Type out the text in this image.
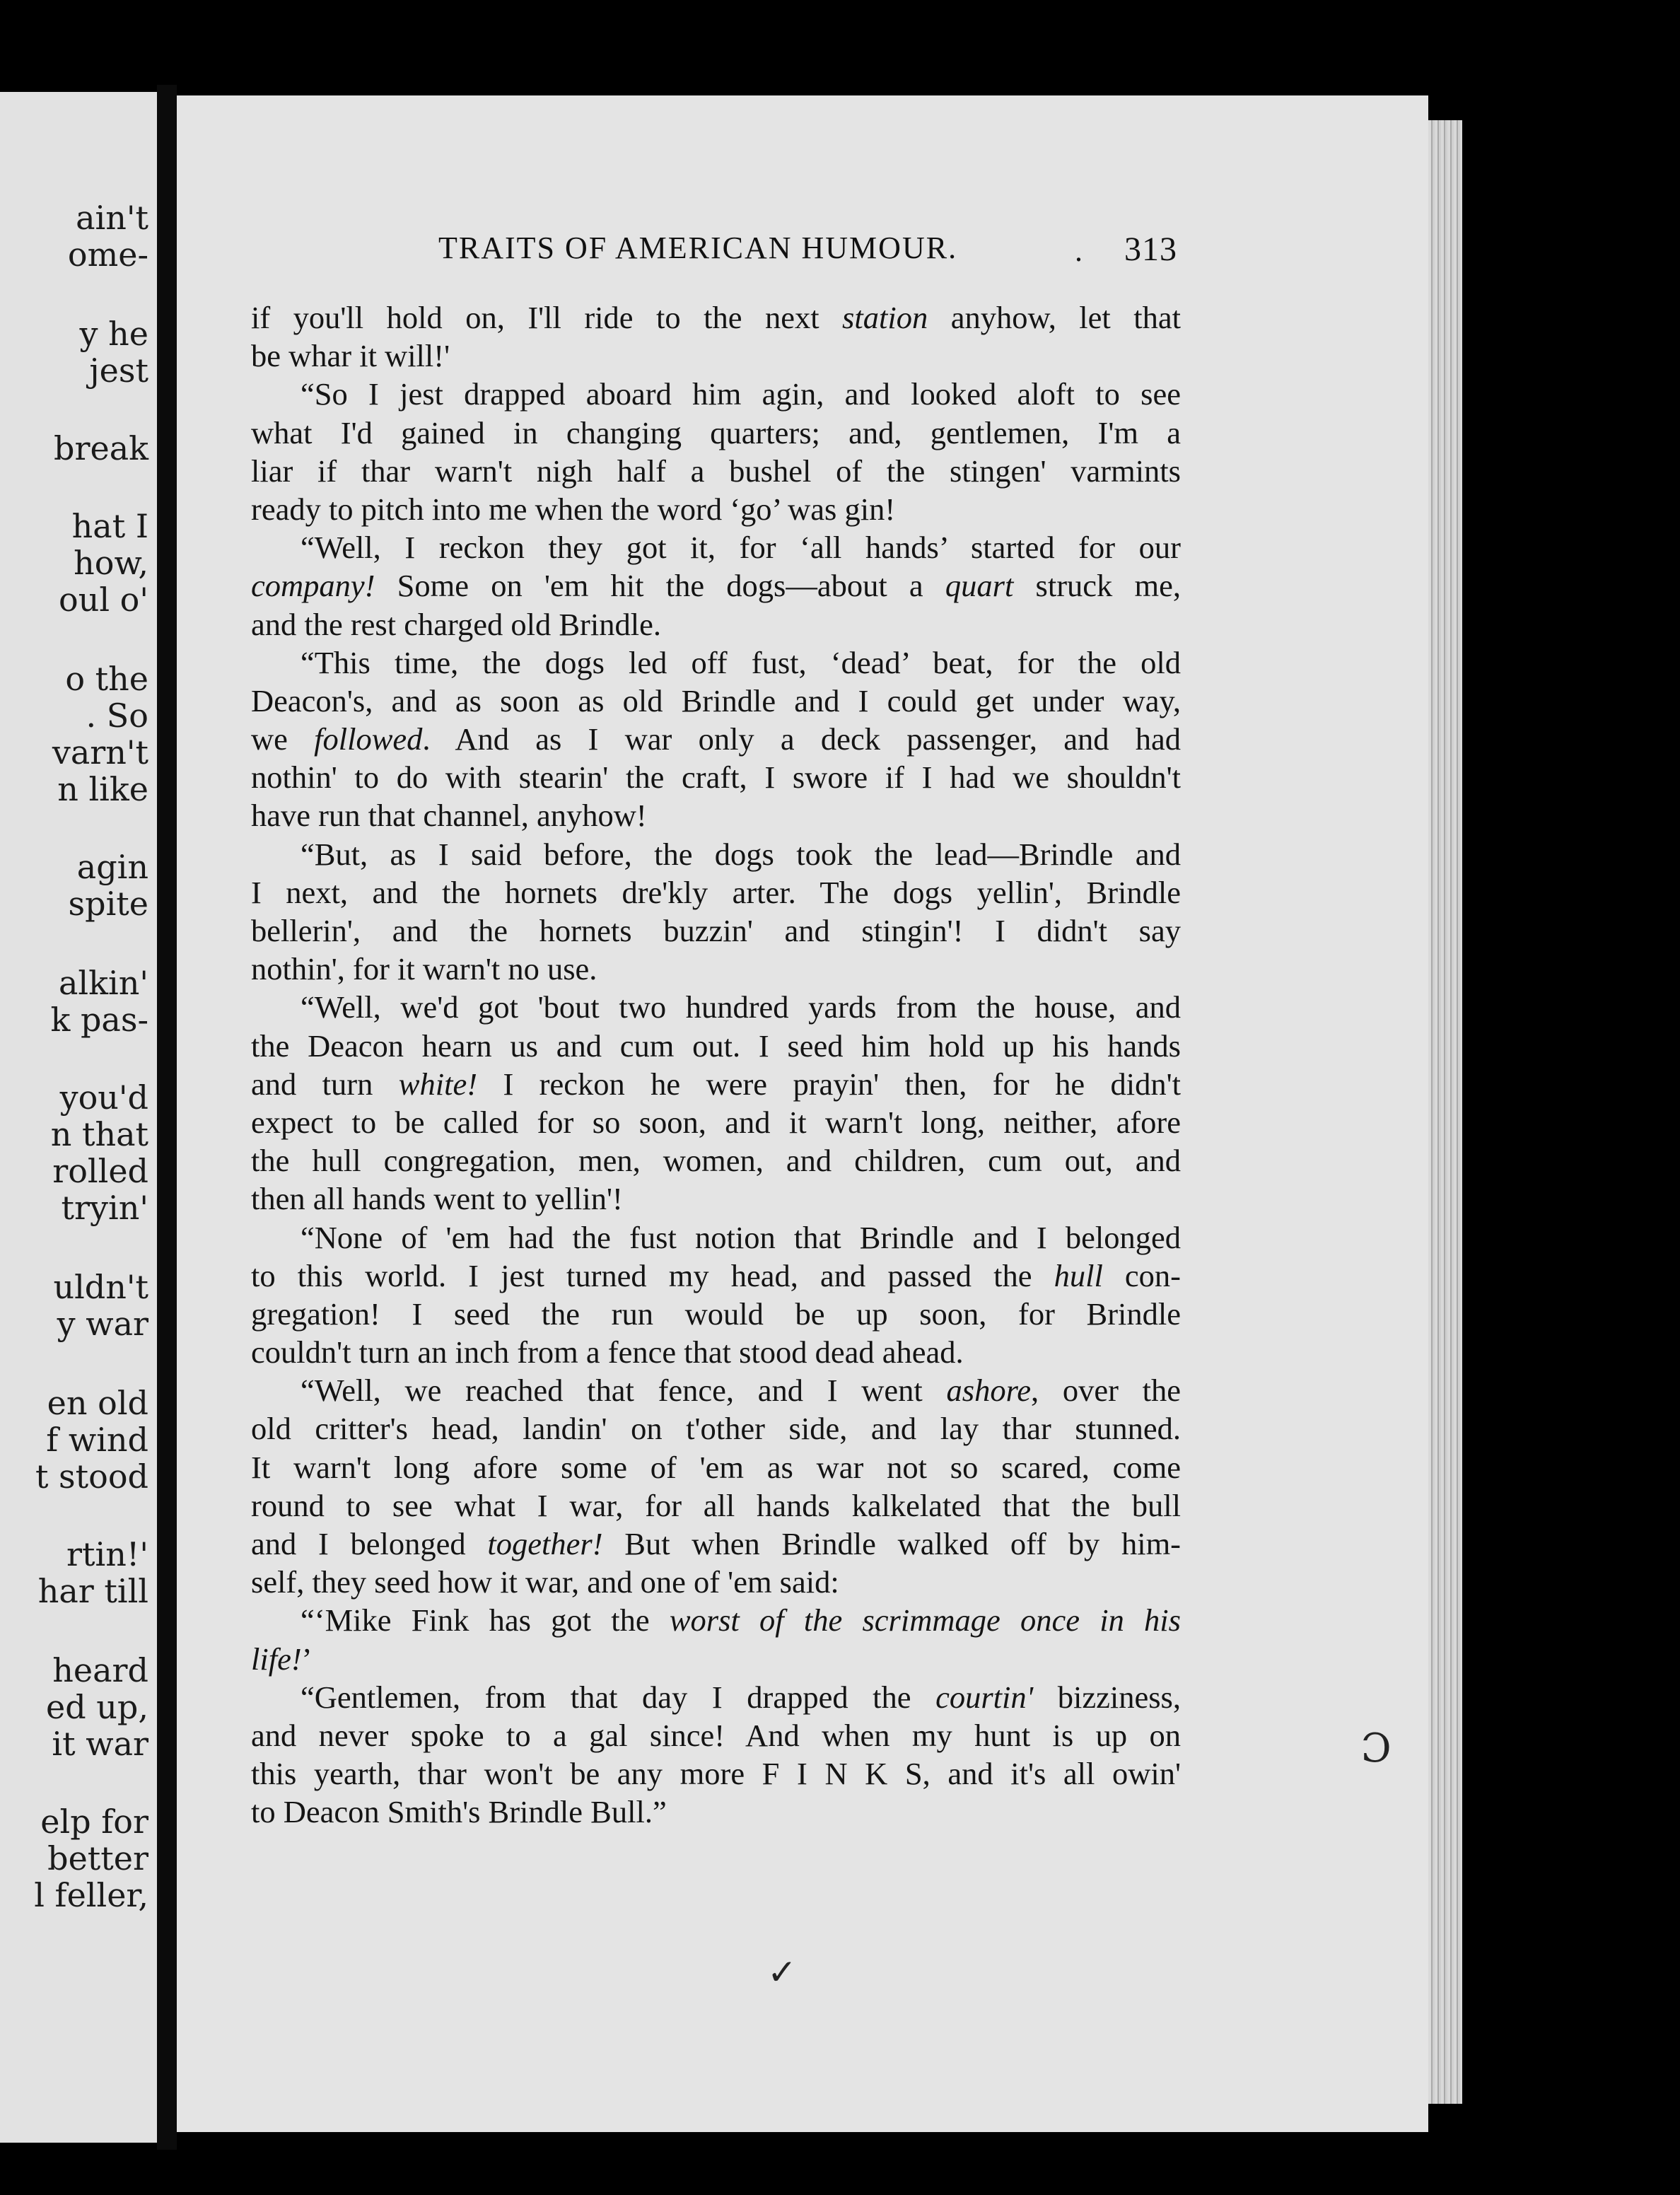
ain't
ome-
y he
jest
break
hat I
how,
oul o'
o the
. So
varn't
n like
agin
spite
alkin'
k pas-
you'd
n that
rolled
tryin'
uldn't
y war
en old
f wind
t stood
rtin!'
har till
heard
ed up,
it war
elp for
better
l feller,
TRAITS OF AMERICAN HUMOUR.	. 313
if you'll hold on, I'll ride to the next station anyhow, let that
be whar it will!'
“So I jest drapped aboard him agin, and looked aloft to see
what I'd gained in changing quarters; and, gentlemen, I'm a
liar if thar warn't nigh half a bushel of the stingen' varmints
ready to pitch into me when the word ‘go’ was gin!
“Well, I reckon they got it, for ‘all hands’ started for our
company! Some on 'em hit the dogs—about a quart struck me,
and the rest charged old Brindle.
“This time, the dogs led off fust, ‘dead’ beat, for the old
Deacon's, and as soon as old Brindle and I could get under way,
we followed. And as I war only a deck passenger, and had
nothin' to do with stearin' the craft, I swore if I had we shouldn't
have run that channel, anyhow!
“But, as I said before, the dogs took the lead—Brindle and
I next, and the hornets dre'kly arter. The dogs yellin', Brindle
bellerin', and the hornets buzzin' and stingin'! I didn't say
nothin', for it warn't no use.
“Well, we'd got 'bout two hundred yards from the house, and
the Deacon hearn us and cum out. I seed him hold up his hands
and turn white! I reckon he were prayin' then, for he didn't
expect to be called for so soon, and it warn't long, neither, afore
the hull congregation, men, women, and children, cum out, and
then all hands went to yellin'!
“None of 'em had the fust notion that Brindle and I belonged
to this world. I jest turned my head, and passed the hull con-
gregation! I seed the run would be up soon, for Brindle
couldn't turn an inch from a fence that stood dead ahead.
“Well, we reached that fence, and I went ashore, over the
old critter's head, landin' on t'other side, and lay thar stunned.
It warn't long afore some of 'em as war not so scared, come
round to see what I war, for all hands kalkelated that the bull
and I belonged together! But when Brindle walked off by him-
self, they seed how it war, and one of 'em said:
“‘Mike Fink has got the worst of the scrimmage once in his
life!’
“Gentlemen, from that day I drapped the courtin' bizziness,
and never spoke to a gal since! And when my hunt is up on
this yearth, thar won't be any more F I N K S, and it's all owin'
to Deacon Smith's Brindle Bull.”
Ɔ
✓
